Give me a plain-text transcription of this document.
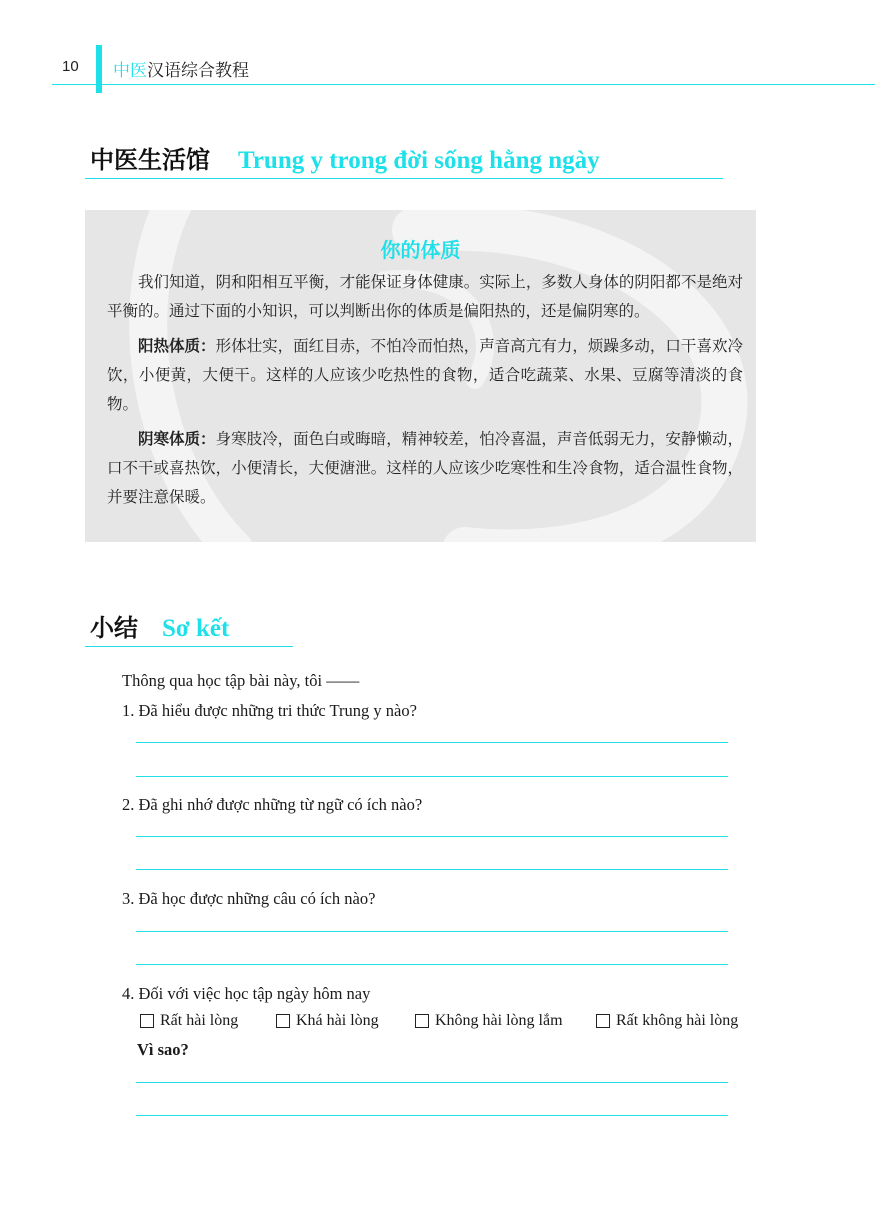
10 中医汉语综合教程
中医生活馆 Trung y trong đời sống hằng ngày
你的体质

我们知道，阴和阳相互平衡，才能保证身体健康。实际上，多数人身体的阴阳都不是绝对平衡的。通过下面的小知识，可以判断出你的体质是偏阳热的，还是偏阴寒的。

阳热体质：形体壮实，面红目赤，不怕冷而怕热，声音高亢有力，烦躁多动，口干喜欢冷饮，小便黄，大便干。这样的人应该少吃热性的食物，适合吃蔬菜、水果、豆腐等清淡的食物。

阴寒体质：身寒肢冷，面色白或晦暗，精神较差，怕冷喜温，声音低弱无力，安静懒动，口不干或喜热饮，小便清长，大便溏泄。这样的人应该少吃寒性和生冷食物，适合温性食物，并要注意保暖。

小结 Sơ kết
Thông qua học tập bài này, tôi ——
1. Đã hiểu được những tri thức Trung y nào?
2. Đã ghi nhớ được những từ ngữ có ích nào?
3. Đã học được những câu có ích nào?
4. Đối với việc học tập ngày hôm nay
Rất hài lòng	Khá hài lòng	Không hài lòng lắm	Rất không hài lòng
Vì sao?
